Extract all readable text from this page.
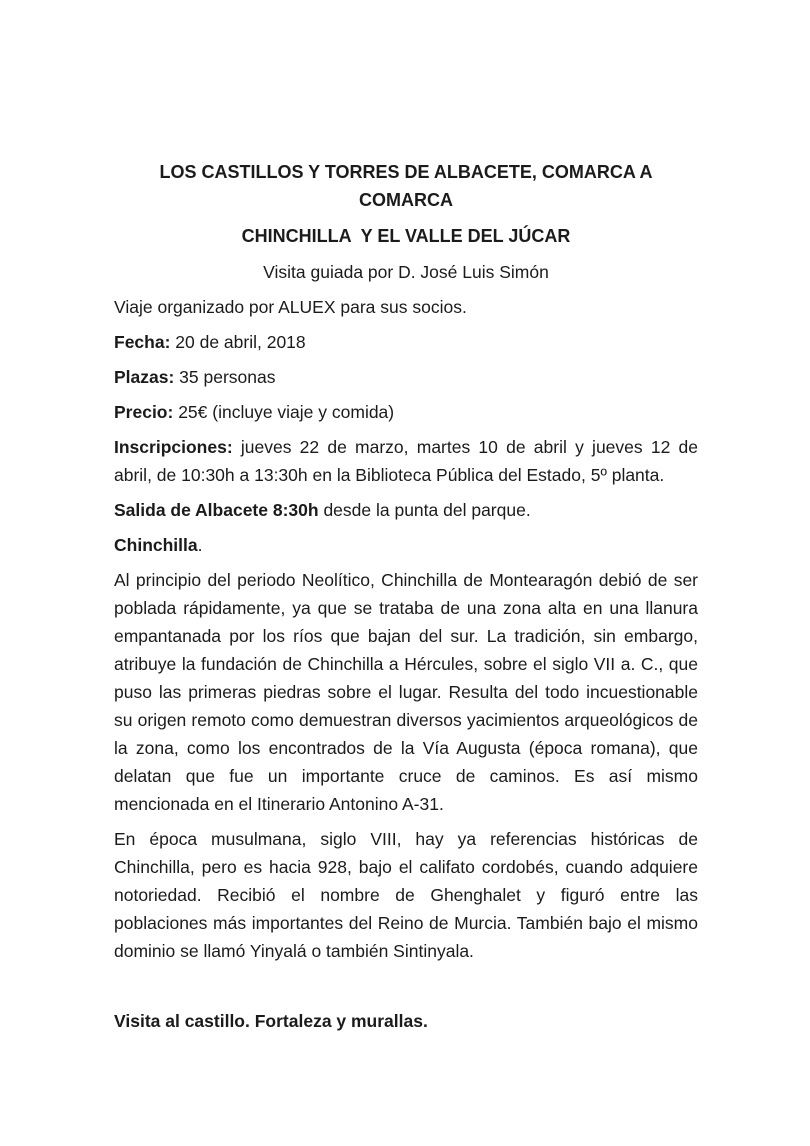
LOS CASTILLOS Y TORRES DE ALBACETE, COMARCA A COMARCA

CHINCHILLA  Y EL VALLE DEL JÚCAR

Visita guiada por D. José Luis Simón

Viaje organizado por ALUEX para sus socios.

Fecha: 20 de abril, 2018

Plazas: 35 personas

Precio: 25€ (incluye viaje y comida)

Inscripciones: jueves 22 de marzo, martes 10 de abril y jueves 12 de abril, de 10:30h a 13:30h en la Biblioteca Pública del Estado, 5º planta.

Salida de Albacete 8:30h desde la punta del parque.

Chinchilla.

Al principio del periodo Neolítico, Chinchilla de Montearagón debió de ser poblada rápidamente, ya que se trataba de una zona alta en una llanura empantanada por los ríos que bajan del sur. La tradición, sin embargo, atribuye la fundación de Chinchilla a Hércules, sobre el siglo VII a. C., que puso las primeras piedras sobre el lugar. Resulta del todo incuestionable su origen remoto como demuestran diversos yacimientos arqueológicos de la zona, como los encontrados de la Vía Augusta (época romana), que delatan que fue un importante cruce de caminos. Es así mismo mencionada en el Itinerario Antonino A-31.

En época musulmana, siglo VIII, hay ya referencias históricas de Chinchilla, pero es hacia 928, bajo el califato cordobés, cuando adquiere notoriedad. Recibió el nombre de Ghenghalet y figuró entre las poblaciones más importantes del Reino de Murcia. También bajo el mismo dominio se llamó Yinyalá o también Sintinyala.

Visita al castillo. Fortaleza y murallas.
